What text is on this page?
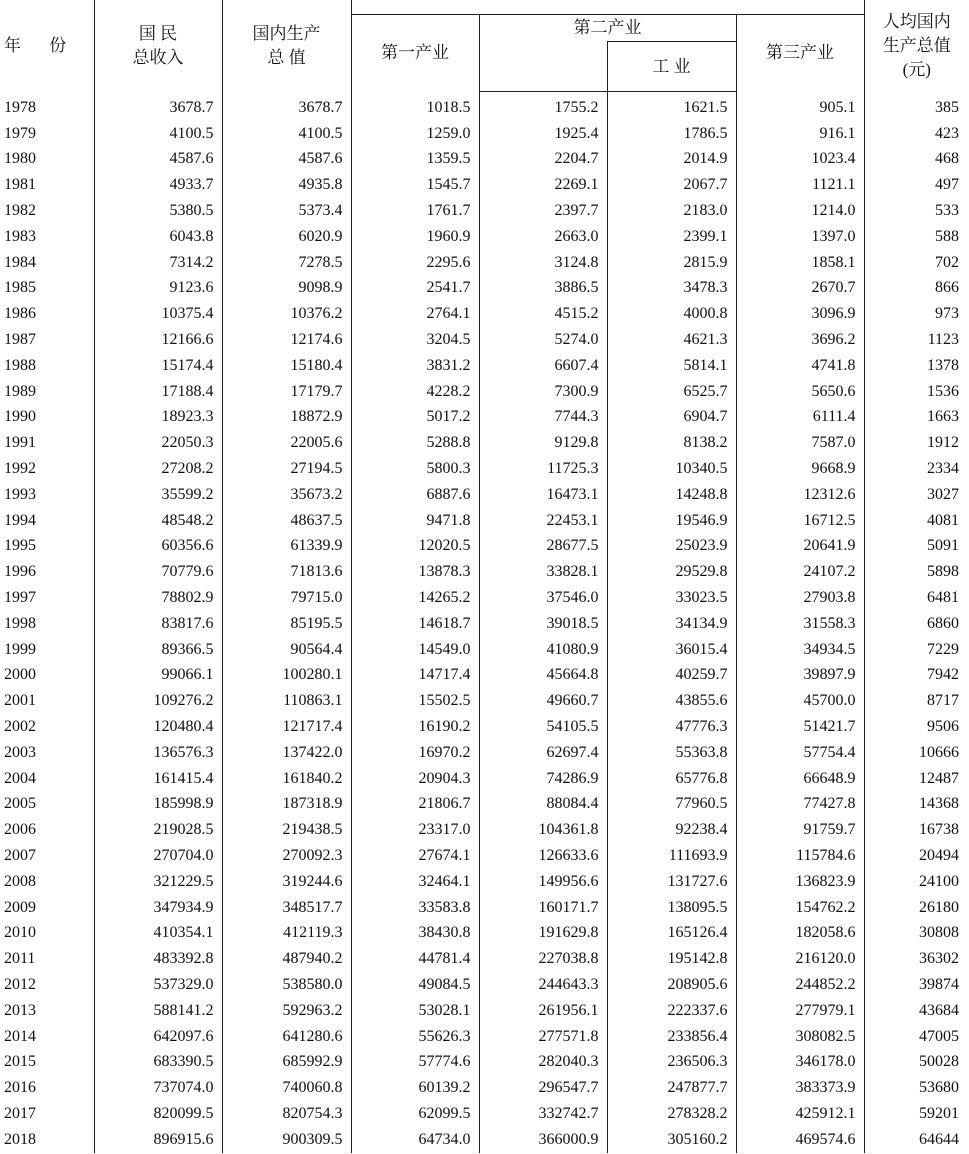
年 份	国 民
总收入	国内生产
总 值					人均国内
生产总值
(元)

			第一产业	第二产业		第三产业	
					工 业		
1978	3678.7	3678.7	1018.5	1755.2	1621.5	905.1	385
1979	4100.5	4100.5	1259.0	1925.4	1786.5	916.1	423
1980	4587.6	4587.6	1359.5	2204.7	2014.9	1023.4	468
1981	4933.7	4935.8	1545.7	2269.1	2067.7	1121.1	497
1982	5380.5	5373.4	1761.7	2397.7	2183.0	1214.0	533
1983	6043.8	6020.9	1960.9	2663.0	2399.1	1397.0	588
1984	7314.2	7278.5	2295.6	3124.8	2815.9	1858.1	702
1985	9123.6	9098.9	2541.7	3886.5	3478.3	2670.7	866
1986	10375.4	10376.2	2764.1	4515.2	4000.8	3096.9	973
1987	12166.6	12174.6	3204.5	5274.0	4621.3	3696.2	1123
1988	15174.4	15180.4	3831.2	6607.4	5814.1	4741.8	1378
1989	17188.4	17179.7	4228.2	7300.9	6525.7	5650.6	1536
1990	18923.3	18872.9	5017.2	7744.3	6904.7	6111.4	1663
1991	22050.3	22005.6	5288.8	9129.8	8138.2	7587.0	1912
1992	27208.2	27194.5	5800.3	11725.3	10340.5	9668.9	2334
1993	35599.2	35673.2	6887.6	16473.1	14248.8	12312.6	3027
1994	48548.2	48637.5	9471.8	22453.1	19546.9	16712.5	4081
1995	60356.6	61339.9	12020.5	28677.5	25023.9	20641.9	5091
1996	70779.6	71813.6	13878.3	33828.1	29529.8	24107.2	5898
1997	78802.9	79715.0	14265.2	37546.0	33023.5	27903.8	6481
1998	83817.6	85195.5	14618.7	39018.5	34134.9	31558.3	6860
1999	89366.5	90564.4	14549.0	41080.9	36015.4	34934.5	7229
2000	99066.1	100280.1	14717.4	45664.8	40259.7	39897.9	7942
2001	109276.2	110863.1	15502.5	49660.7	43855.6	45700.0	8717
2002	120480.4	121717.4	16190.2	54105.5	47776.3	51421.7	9506
2003	136576.3	137422.0	16970.2	62697.4	55363.8	57754.4	10666
2004	161415.4	161840.2	20904.3	74286.9	65776.8	66648.9	12487
2005	185998.9	187318.9	21806.7	88084.4	77960.5	77427.8	14368
2006	219028.5	219438.5	23317.0	104361.8	92238.4	91759.7	16738
2007	270704.0	270092.3	27674.1	126633.6	111693.9	115784.6	20494
2008	321229.5	319244.6	32464.1	149956.6	131727.6	136823.9	24100
2009	347934.9	348517.7	33583.8	160171.7	138095.5	154762.2	26180
2010	410354.1	412119.3	38430.8	191629.8	165126.4	182058.6	30808
2011	483392.8	487940.2	44781.4	227038.8	195142.8	216120.0	36302
2012	537329.0	538580.0	49084.5	244643.3	208905.6	244852.2	39874
2013	588141.2	592963.2	53028.1	261956.1	222337.6	277979.1	43684
2014	642097.6	641280.6	55626.3	277571.8	233856.4	308082.5	47005
2015	683390.5	685992.9	57774.6	282040.3	236506.3	346178.0	50028
2016	737074.0	740060.8	60139.2	296547.7	247877.7	383373.9	53680
2017	820099.5	820754.3	62099.5	332742.7	278328.2	425912.1	59201
2018	896915.6	900309.5	64734.0	366000.9	305160.2	469574.6	64644
